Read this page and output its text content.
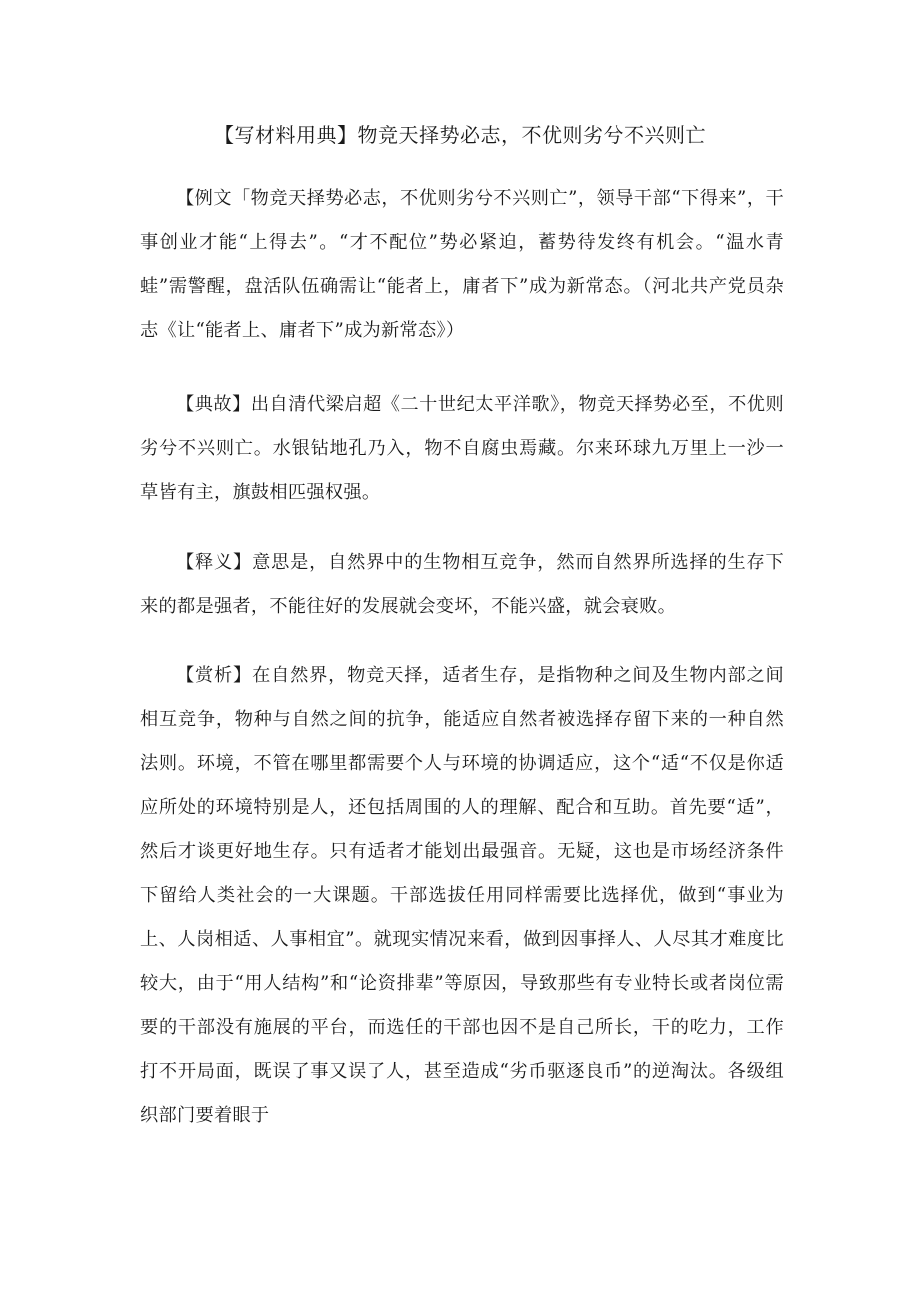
【写材料用典】物竞天择势必志，不优则劣兮不兴则亡

【例文「物竞天择势必志，不优则劣兮不兴则亡”，领导干部“下得来”，干事创业才能“上得去”。“才不配位”势必紧迫，蓄势待发终有机会。“温水青蛙”需警醒，盘活队伍确需让“能者上，庸者下”成为新常态。（河北共产党员杂志《让“能者上、庸者下”成为新常态》）

【典故】出自清代梁启超《二十世纪太平洋歌》，物竞天择势必至，不优则劣兮不兴则亡。水银钻地孔乃入，物不自腐虫焉藏。尔来环球九万里上一沙一草皆有主，旗鼓相匹强权强。

【释义】意思是，自然界中的生物相互竞争，然而自然界所选择的生存下来的都是强者，不能往好的发展就会变坏，不能兴盛，就会衰败。

【赏析】在自然界，物竞天择，适者生存，是指物种之间及生物内部之间相互竞争，物种与自然之间的抗争，能适应自然者被选择存留下来的一种自然法则。环境，不管在哪里都需要个人与环境的协调适应，这个“适“不仅是你适应所处的环境特别是人，还包括周围的人的理解、配合和互助。首先要“适”，然后才谈更好地生存。只有适者才能划出最强音。无疑，这也是市场经济条件下留给人类社会的一大课题。干部选拔任用同样需要比选择优，做到“事业为上、人岗相适、人事相宜”。就现实情况来看，做到因事择人、人尽其才难度比较大，由于“用人结构”和“论资排辈”等原因，导致那些有专业特长或者岗位需要的干部没有施展的平台，而选任的干部也因不是自己所长，干的吃力，工作打不开局面，既误了事又误了人，甚至造成“劣币驱逐良币”的逆淘汰。各级组织部门要着眼于
